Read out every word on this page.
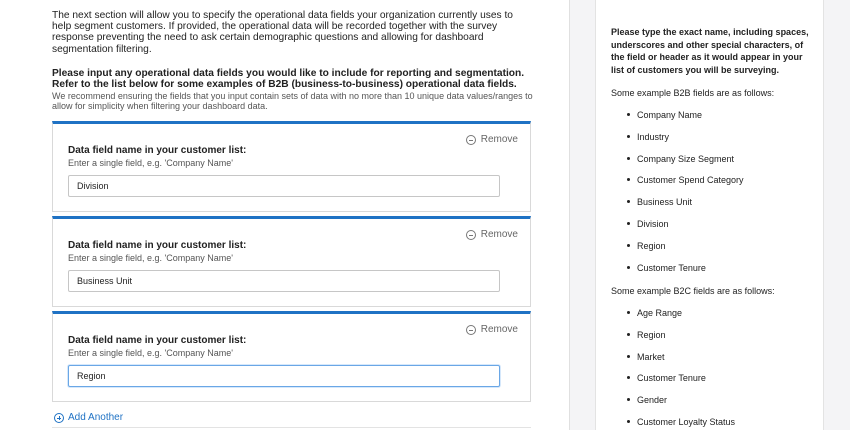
The next section will allow you to specify the operational data fields your organization currently uses to help segment customers. If provided, the operational data will be recorded together with the survey response preventing the need to ask certain demographic questions and allowing for dashboard segmentation filtering.

Please input any operational data fields you would like to include for reporting and segmentation. Refer to the list below for some examples of B2B (business-to-business) operational data fields.

We recommend ensuring the fields that you input contain sets of data with no more than 10 unique data values/ranges to allow for simplicity when filtering your dashboard data.

Remove
Data field name in your customer list:
Enter a single field, e.g. 'Company Name'
Division
Remove
Data field name in your customer list:
Enter a single field, e.g. 'Company Name'
Business Unit
Remove
Data field name in your customer list:
Enter a single field, e.g. 'Company Name'
Region
Add Another

Please type the exact name, including spaces, underscores and other special characters, of the field or header as it would appear in your list of customers you will be surveying.

Some example B2B fields are as follows:

Company Name
Industry
Company Size Segment
Customer Spend Category
Business Unit
Division
Region
Customer Tenure

Some example B2C fields are as follows:

Age Range
Region
Market
Customer Tenure
Gender
Customer Loyalty Status
